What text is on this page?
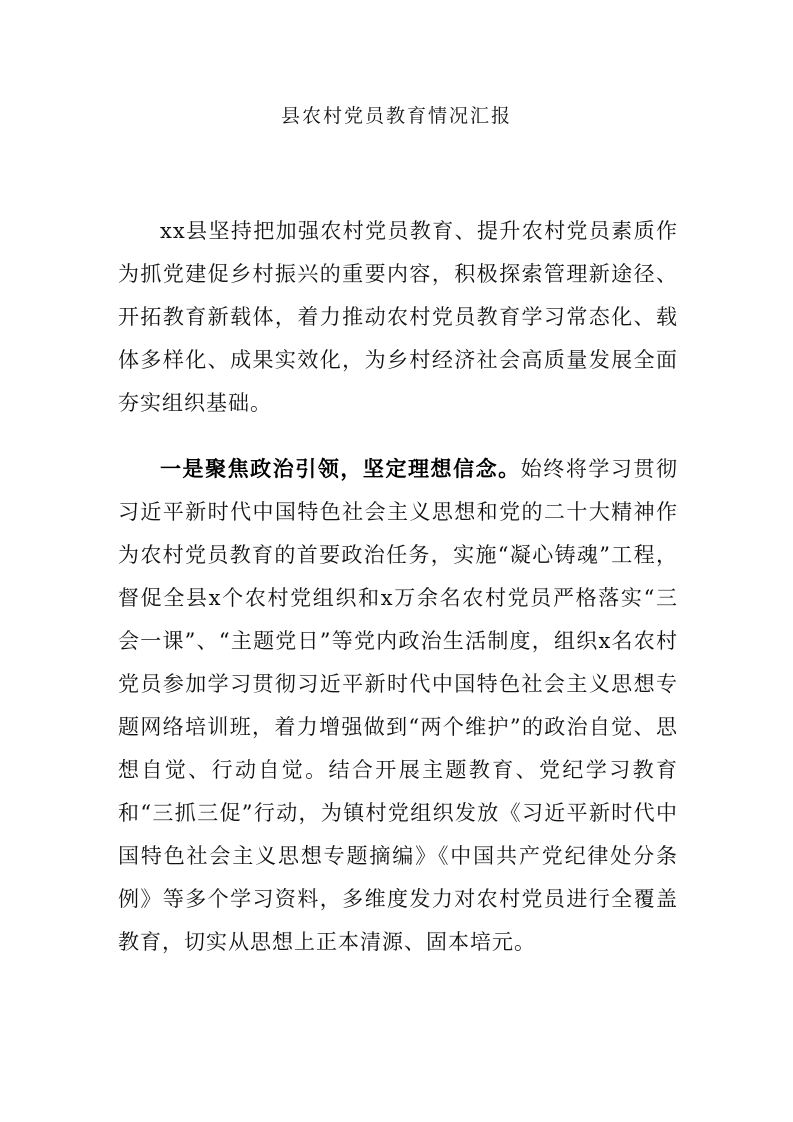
县农村党员教育情况汇报

xx县坚持把加强农村党员教育、提升农村党员素质作为抓党建促乡村振兴的重要内容，积极探索管理新途径、开拓教育新载体，着力推动农村党员教育学习常态化、载体多样化、成果实效化，为乡村经济社会高质量发展全面夯实组织基础。

一是聚焦政治引领，坚定理想信念。始终将学习贯彻习近平新时代中国特色社会主义思想和党的二十大精神作为农村党员教育的首要政治任务，实施“凝心铸魂”工程，督促全县x个农村党组织和x万余名农村党员严格落实“三会一课”、“主题党日”等党内政治生活制度，组织x名农村党员参加学习贯彻习近平新时代中国特色社会主义思想专题网络培训班，着力增强做到“两个维护”的政治自觉、思想自觉、行动自觉。结合开展主题教育、党纪学习教育和“三抓三促”行动，为镇村党组织发放《习近平新时代中国特色社会主义思想专题摘编》《中国共产党纪律处分条例》等多个学习资料，多维度发力对农村党员进行全覆盖教育，切实从思想上正本清源、固本培元。
